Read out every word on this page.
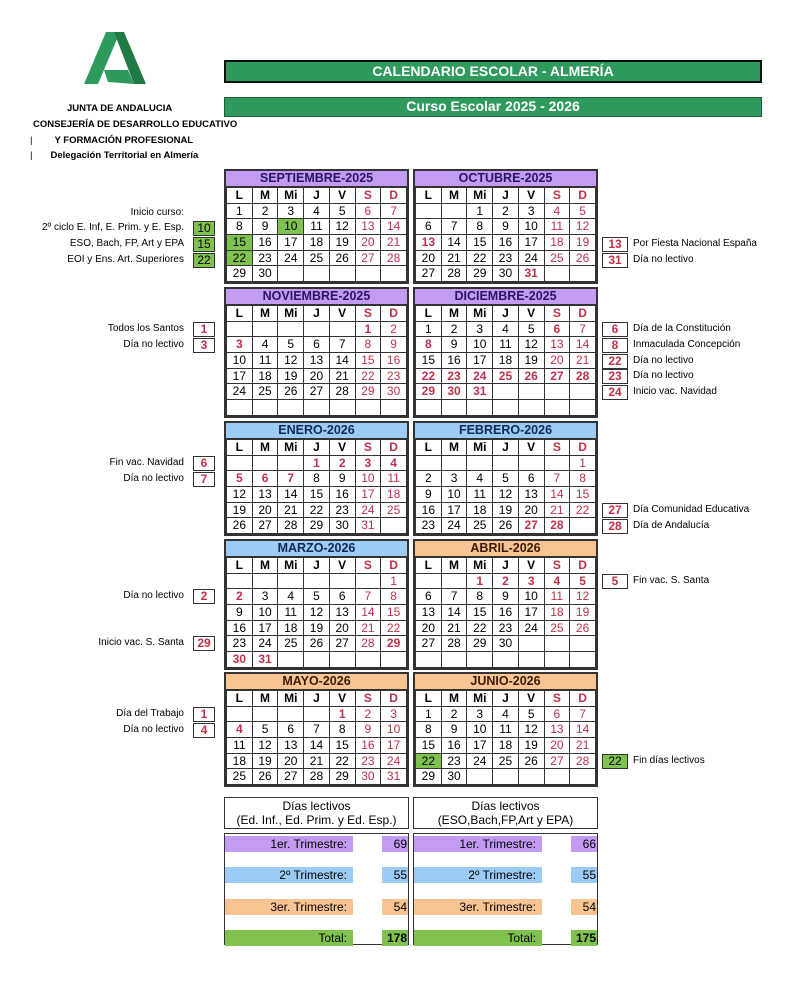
JUNTA DE ANDALUCIA
CONSEJERÍA DE DESARROLLO EDUCATIVO
| Y FORMACIÓN PROFESIONAL
| Delegación Territorial en Almería
CALENDARIO ESCOLAR - ALMERÍA
Curso Escolar 2025 - 2026
SEPTIEMBRE-2025
L	M	Mi	J	V	S	D
1	2	3	4	5	6	7
8	9	10	11	12	13	14
15	16	17	18	19	20	21
22	23	24	25	26	27	28
29	30					
OCTUBRE-2025
L	M	Mi	J	V	S	D
		1	2	3	4	5
6	7	8	9	10	11	12
13	14	15	16	17	18	19
20	21	22	23	24	25	26
27	28	29	30	31		
NOVIEMBRE-2025
L	M	Mi	J	V	S	D
					1	2
3	4	5	6	7	8	9
10	11	12	13	14	15	16
17	18	19	20	21	22	23
24	25	26	27	28	29	30

DICIEMBRE-2025
L	M	Mi	J	V	S	D
1	2	3	4	5	6	7
8	9	10	11	12	13	14
15	16	17	18	19	20	21
22	23	24	25	26	27	28
29	30	31				

ENERO-2026
L	M	Mi	J	V	S	D
			1	2	3	4
5	6	7	8	9	10	11
12	13	14	15	16	17	18
19	20	21	22	23	24	25
26	27	28	29	30	31	
FEBRERO-2026
L	M	Mi	J	V	S	D
						1
2	3	4	5	6	7	8
9	10	11	12	13	14	15
16	17	18	19	20	21	22
23	24	25	26	27	28	
MARZO-2026
L	M	Mi	J	V	S	D
						1
2	3	4	5	6	7	8
9	10	11	12	13	14	15
16	17	18	19	20	21	22
23	24	25	26	27	28	29
30	31					
ABRIL-2026
L	M	Mi	J	V	S	D
		1	2	3	4	5
6	7	8	9	10	11	12
13	14	15	16	17	18	19
20	21	22	23	24	25	26
27	28	29	30			

MAYO-2026
L	M	Mi	J	V	S	D
				1	2	3
4	5	6	7	8	9	10
11	12	13	14	15	16	17
18	19	20	21	22	23	24
25	26	27	28	29	30	31
JUNIO-2026
L	M	Mi	J	V	S	D
1	2	3	4	5	6	7
8	9	10	11	12	13	14
15	16	17	18	19	20	21
22	23	24	25	26	27	28
29	30					
Inicio curso:
2º ciclo E. Inf, E. Prim. y E. Esp.	10
ESO, Bach, FP, Art y EPA	15
EOI y Ens. Art. Superiores	22
Todos los Santos	1
Día no lectivo	3
Fin vac. Navidad	6
Día no lectivo	7
Día no lectivo	2
Inicio vac. S. Santa	29
Día del Trabajo	1
Día no lectivo	4
13	Por Fiesta Nacional España
31	Día no lectivo
6	Día de la Constitución
8	Inmaculada Concepción
22	Día no lectivo
23	Día no lectivo
24	Inicio vac. Navidad
27	Día Comunidad Educativa
28	Día de Andalucía
5	Fin vac. S. Santa
22	Fin días lectivos
Días lectivos
(Ed. Inf., Ed. Prim. y Ed. Esp.)
1er. Trimestre:	69
2º Trimestre:	55
3er. Trimestre:	54
Total:	178
Días lectivos
(ESO,Bach,FP,Art y EPA)
1er. Trimestre:	66
2º Trimestre:	55
3er. Trimestre:	54
Total:	175
